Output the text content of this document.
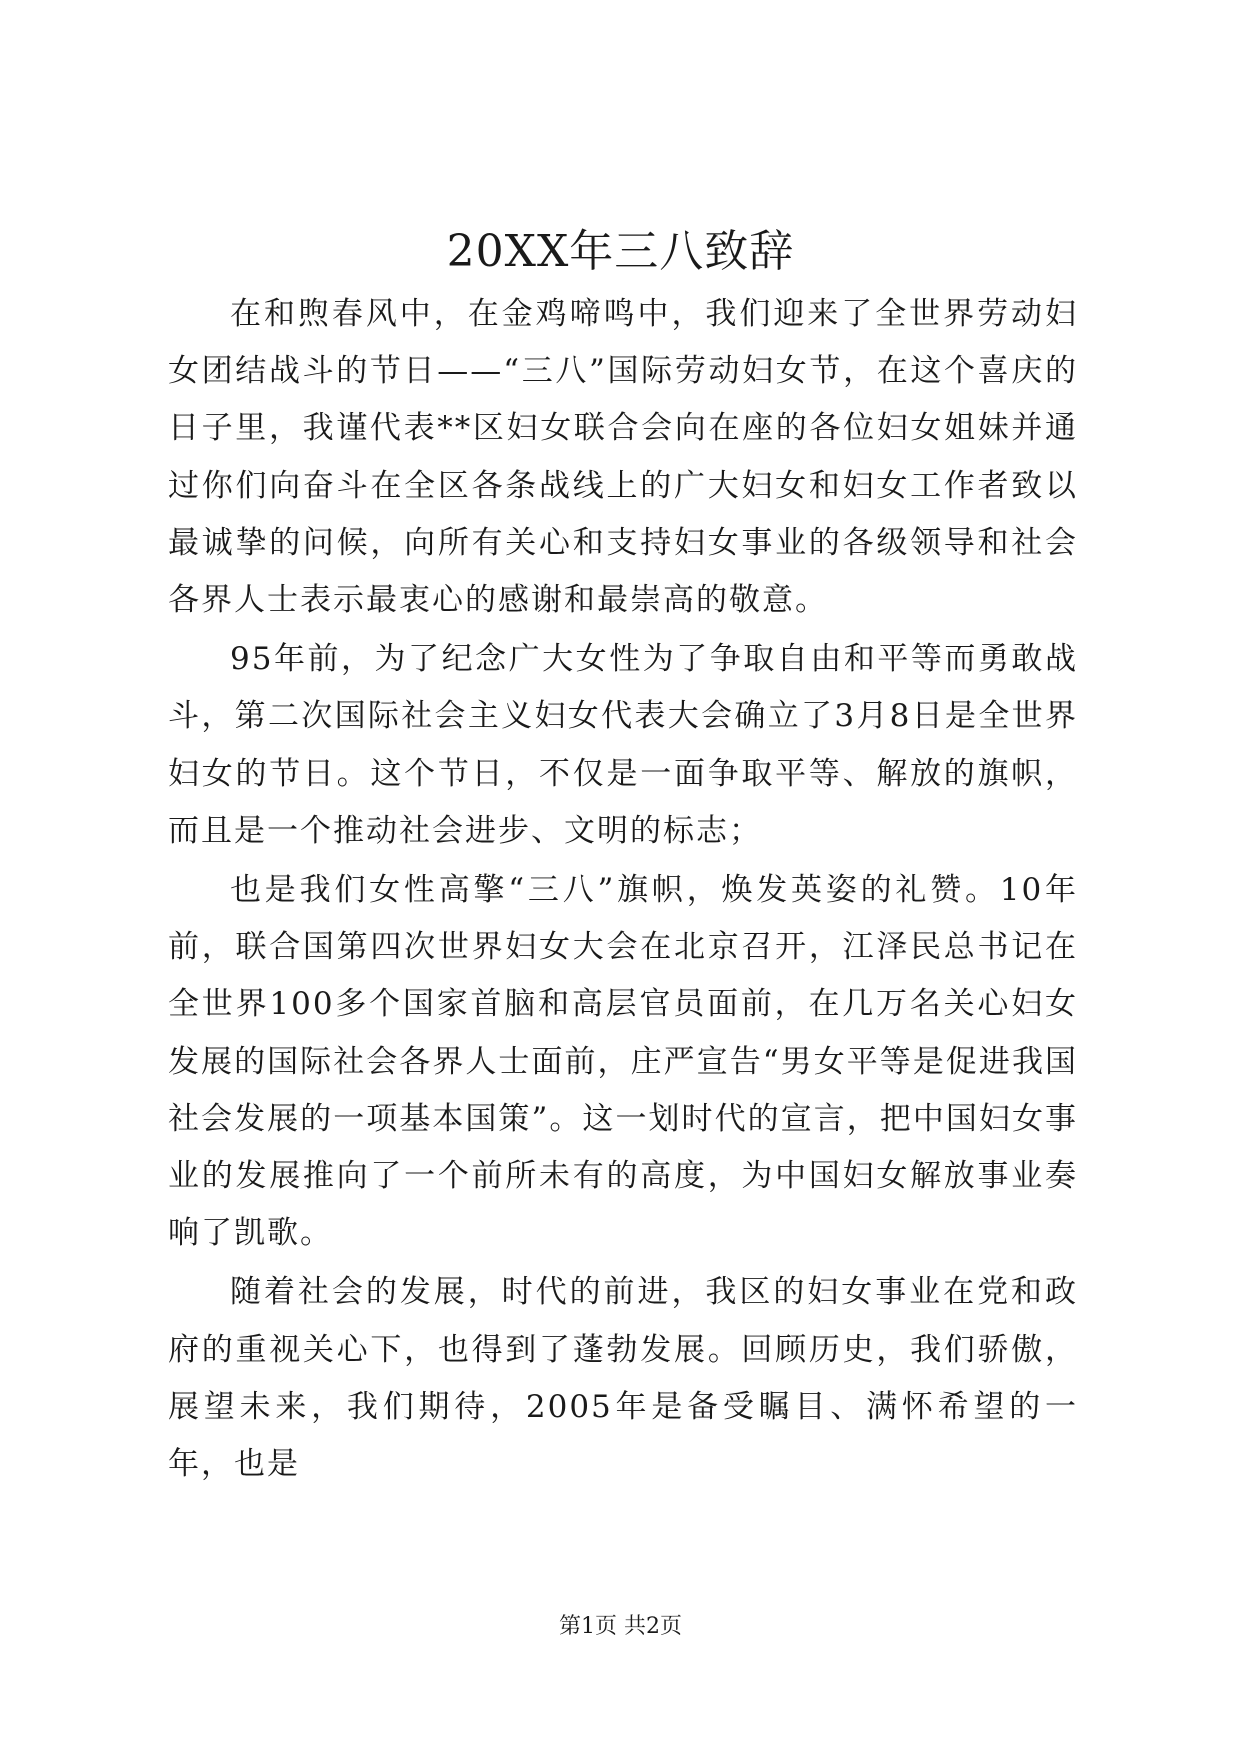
20XX年三八致辞

在和煦春风中，在金鸡啼鸣中，我们迎来了全世界劳动妇女团结战斗的节日——“三八”国际劳动妇女节，在这个喜庆的日子里，我谨代表**区妇女联合会向在座的各位妇女姐妹并通过你们向奋斗在全区各条战线上的广大妇女和妇女工作者致以最诚挚的问候，向所有关心和支持妇女事业的各级领导和社会各界人士表示最衷心的感谢和最崇高的敬意。

95年前，为了纪念广大女性为了争取自由和平等而勇敢战斗，第二次国际社会主义妇女代表大会确立了3月8日是全世界妇女的节日。这个节日，不仅是一面争取平等、解放的旗帜，而且是一个推动社会进步、文明的标志；

也是我们女性高擎“三八”旗帜，焕发英姿的礼赞。10年前，联合国第四次世界妇女大会在北京召开，江泽民总书记在全世界100多个国家首脑和高层官员面前，在几万名关心妇女发展的国际社会各界人士面前，庄严宣告“男女平等是促进我国社会发展的一项基本国策”。这一划时代的宣言，把中国妇女事业的发展推向了一个前所未有的高度，为中国妇女解放事业奏响了凯歌。

随着社会的发展，时代的前进，我区的妇女事业在党和政府的重视关心下，也得到了蓬勃发展。回顾历史，我们骄傲，展望未来，我们期待，2005年是备受瞩目、满怀希望的一年，也是

第1页 共2页
